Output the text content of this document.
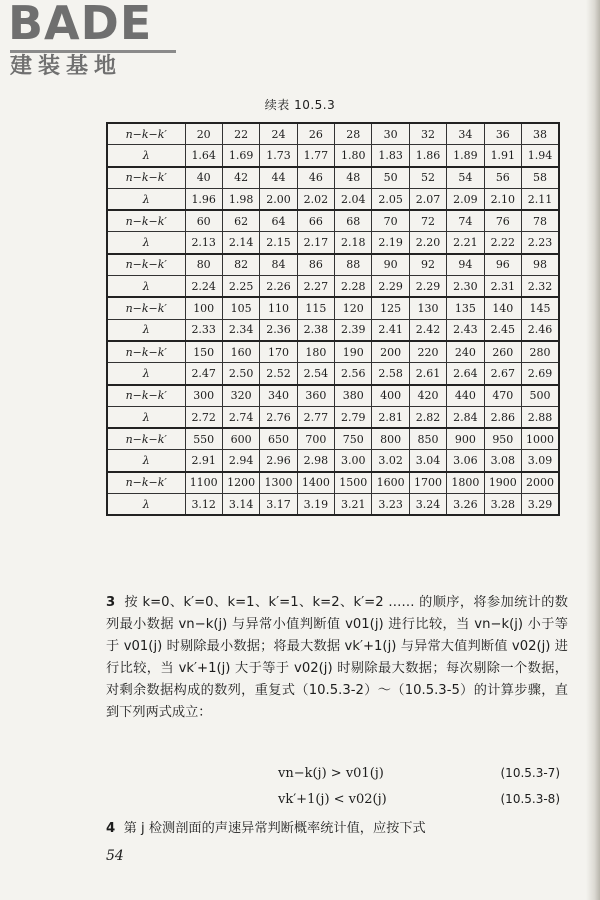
BADE
建装基地
续表 10.5.3
n−k−k′	20	22	24	26	28	30	32	34	36	38
λ	1.64	1.69	1.73	1.77	1.80	1.83	1.86	1.89	1.91	1.94
n−k−k′	40	42	44	46	48	50	52	54	56	58
λ	1.96	1.98	2.00	2.02	2.04	2.05	2.07	2.09	2.10	2.11
n−k−k′	60	62	64	66	68	70	72	74	76	78
λ	2.13	2.14	2.15	2.17	2.18	2.19	2.20	2.21	2.22	2.23
n−k−k′	80	82	84	86	88	90	92	94	96	98
λ	2.24	2.25	2.26	2.27	2.28	2.29	2.29	2.30	2.31	2.32
n−k−k′	100	105	110	115	120	125	130	135	140	145
λ	2.33	2.34	2.36	2.38	2.39	2.41	2.42	2.43	2.45	2.46
n−k−k′	150	160	170	180	190	200	220	240	260	280
λ	2.47	2.50	2.52	2.54	2.56	2.58	2.61	2.64	2.67	2.69
n−k−k′	300	320	340	360	380	400	420	440	470	500
λ	2.72	2.74	2.76	2.77	2.79	2.81	2.82	2.84	2.86	2.88
n−k−k′	550	600	650	700	750	800	850	900	950	1000
λ	2.91	2.94	2.96	2.98	3.00	3.02	3.04	3.06	3.08	3.09
n−k−k′	1100	1200	1300	1400	1500	1600	1700	1800	1900	2000
λ	3.12	3.14	3.17	3.19	3.21	3.23	3.24	3.26	3.28	3.29

3 按 k=0、k′=0、k=1、k′=1、k=2、k′=2 …… 的顺序，将参加统计的数列最小数据 vn−k(j) 与异常小值判断值 v01(j) 进行比较，当 vn−k(j) 小于等于 v01(j) 时剔除最小数据；将最大数据 vk′+1(j) 与异常大值判断值 v02(j) 进行比较，当 vk′+1(j) 大于等于 v02(j) 时剔除最大数据；每次剔除一个数据，对剩余数据构成的数列，重复式（10.5.3-2）～（10.5.3-5）的计算步骤，直到下列两式成立：

vn−k(j) > v01(j)	(10.5.3-7)
vk′+1(j) < v02(j)	(10.5.3-8)
4 第 j 检测剖面的声速异常判断概率统计值，应按下式
54
